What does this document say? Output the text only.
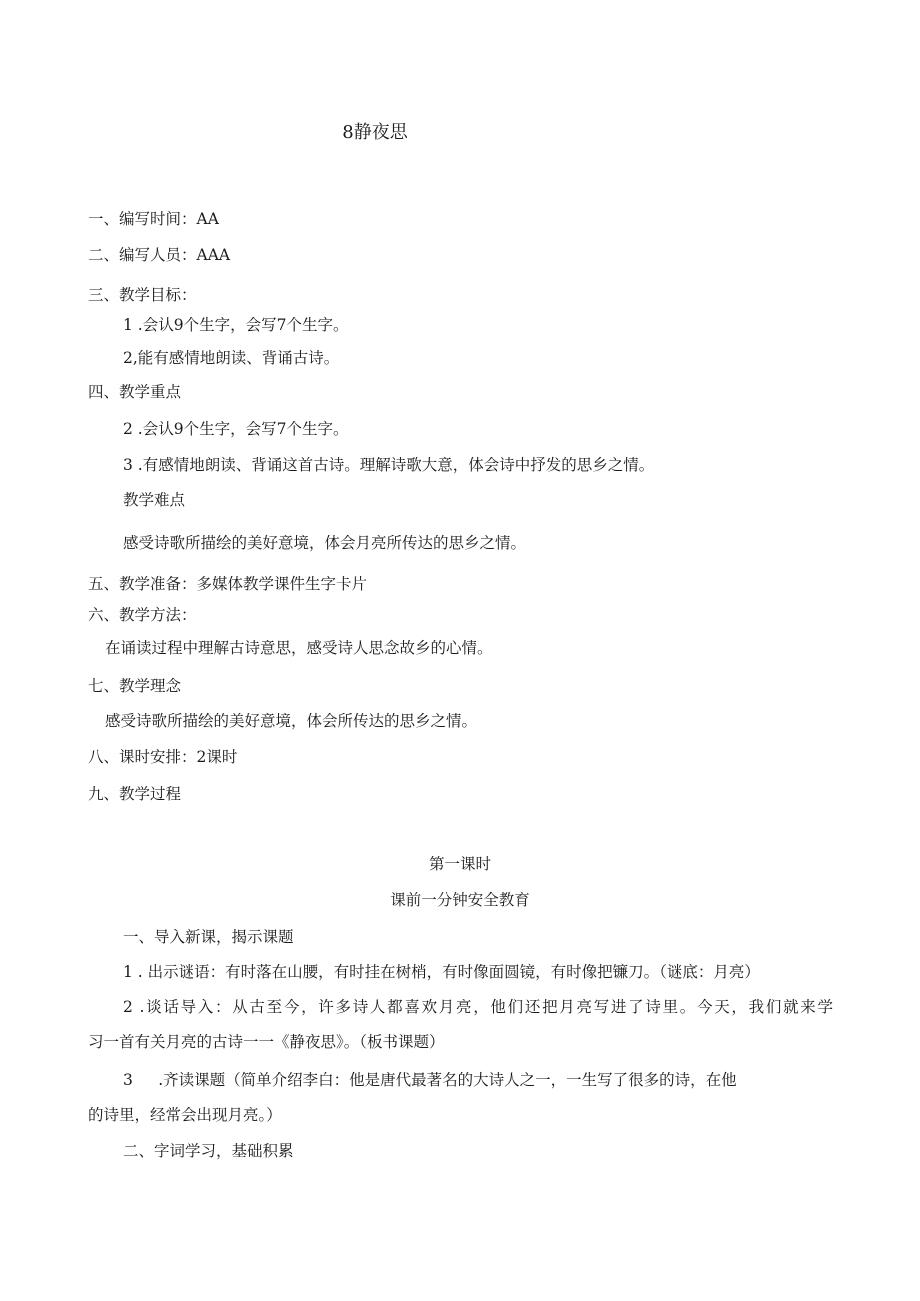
8静夜思
一、编写时间：AA
二、编写人员：AAA
三、教学目标：
1 .会认9个生字，会写7个生字。
2,能有感情地朗读、背诵古诗。
四、教学重点
2 .会认9个生字，会写7个生字。
3 .有感情地朗读、背诵这首古诗。理解诗歌大意，体会诗中抒发的思乡之情。
教学难点
感受诗歌所描绘的美好意境，体会月亮所传达的思乡之情。
五、教学准备：多媒体教学课件生字卡片
六、教学方法：
在诵读过程中理解古诗意思，感受诗人思念故乡的心情。
七、教学理念
感受诗歌所描绘的美好意境，体会所传达的思乡之情。
八、课时安排：2课时
九、教学过程
第一课时
课前一分钟安全教育
一、导入新课，揭示课题
1 . 出示谜语：有时落在山腰，有时挂在树梢，有时像面圆镜，有时像把镰刀。（谜底：月亮）
2 .谈话导入：从古至今，许多诗人都喜欢月亮，他们还把月亮写进了诗里。今天，我们就来学
习一首有关月亮的古诗一一《静夜思》。（板书课题）
3 　 .齐读课题（简单介绍李白：他是唐代最著名的大诗人之一，一生写了很多的诗，在他
的诗里，经常会出现月亮。）
二、字词学习，基础积累
